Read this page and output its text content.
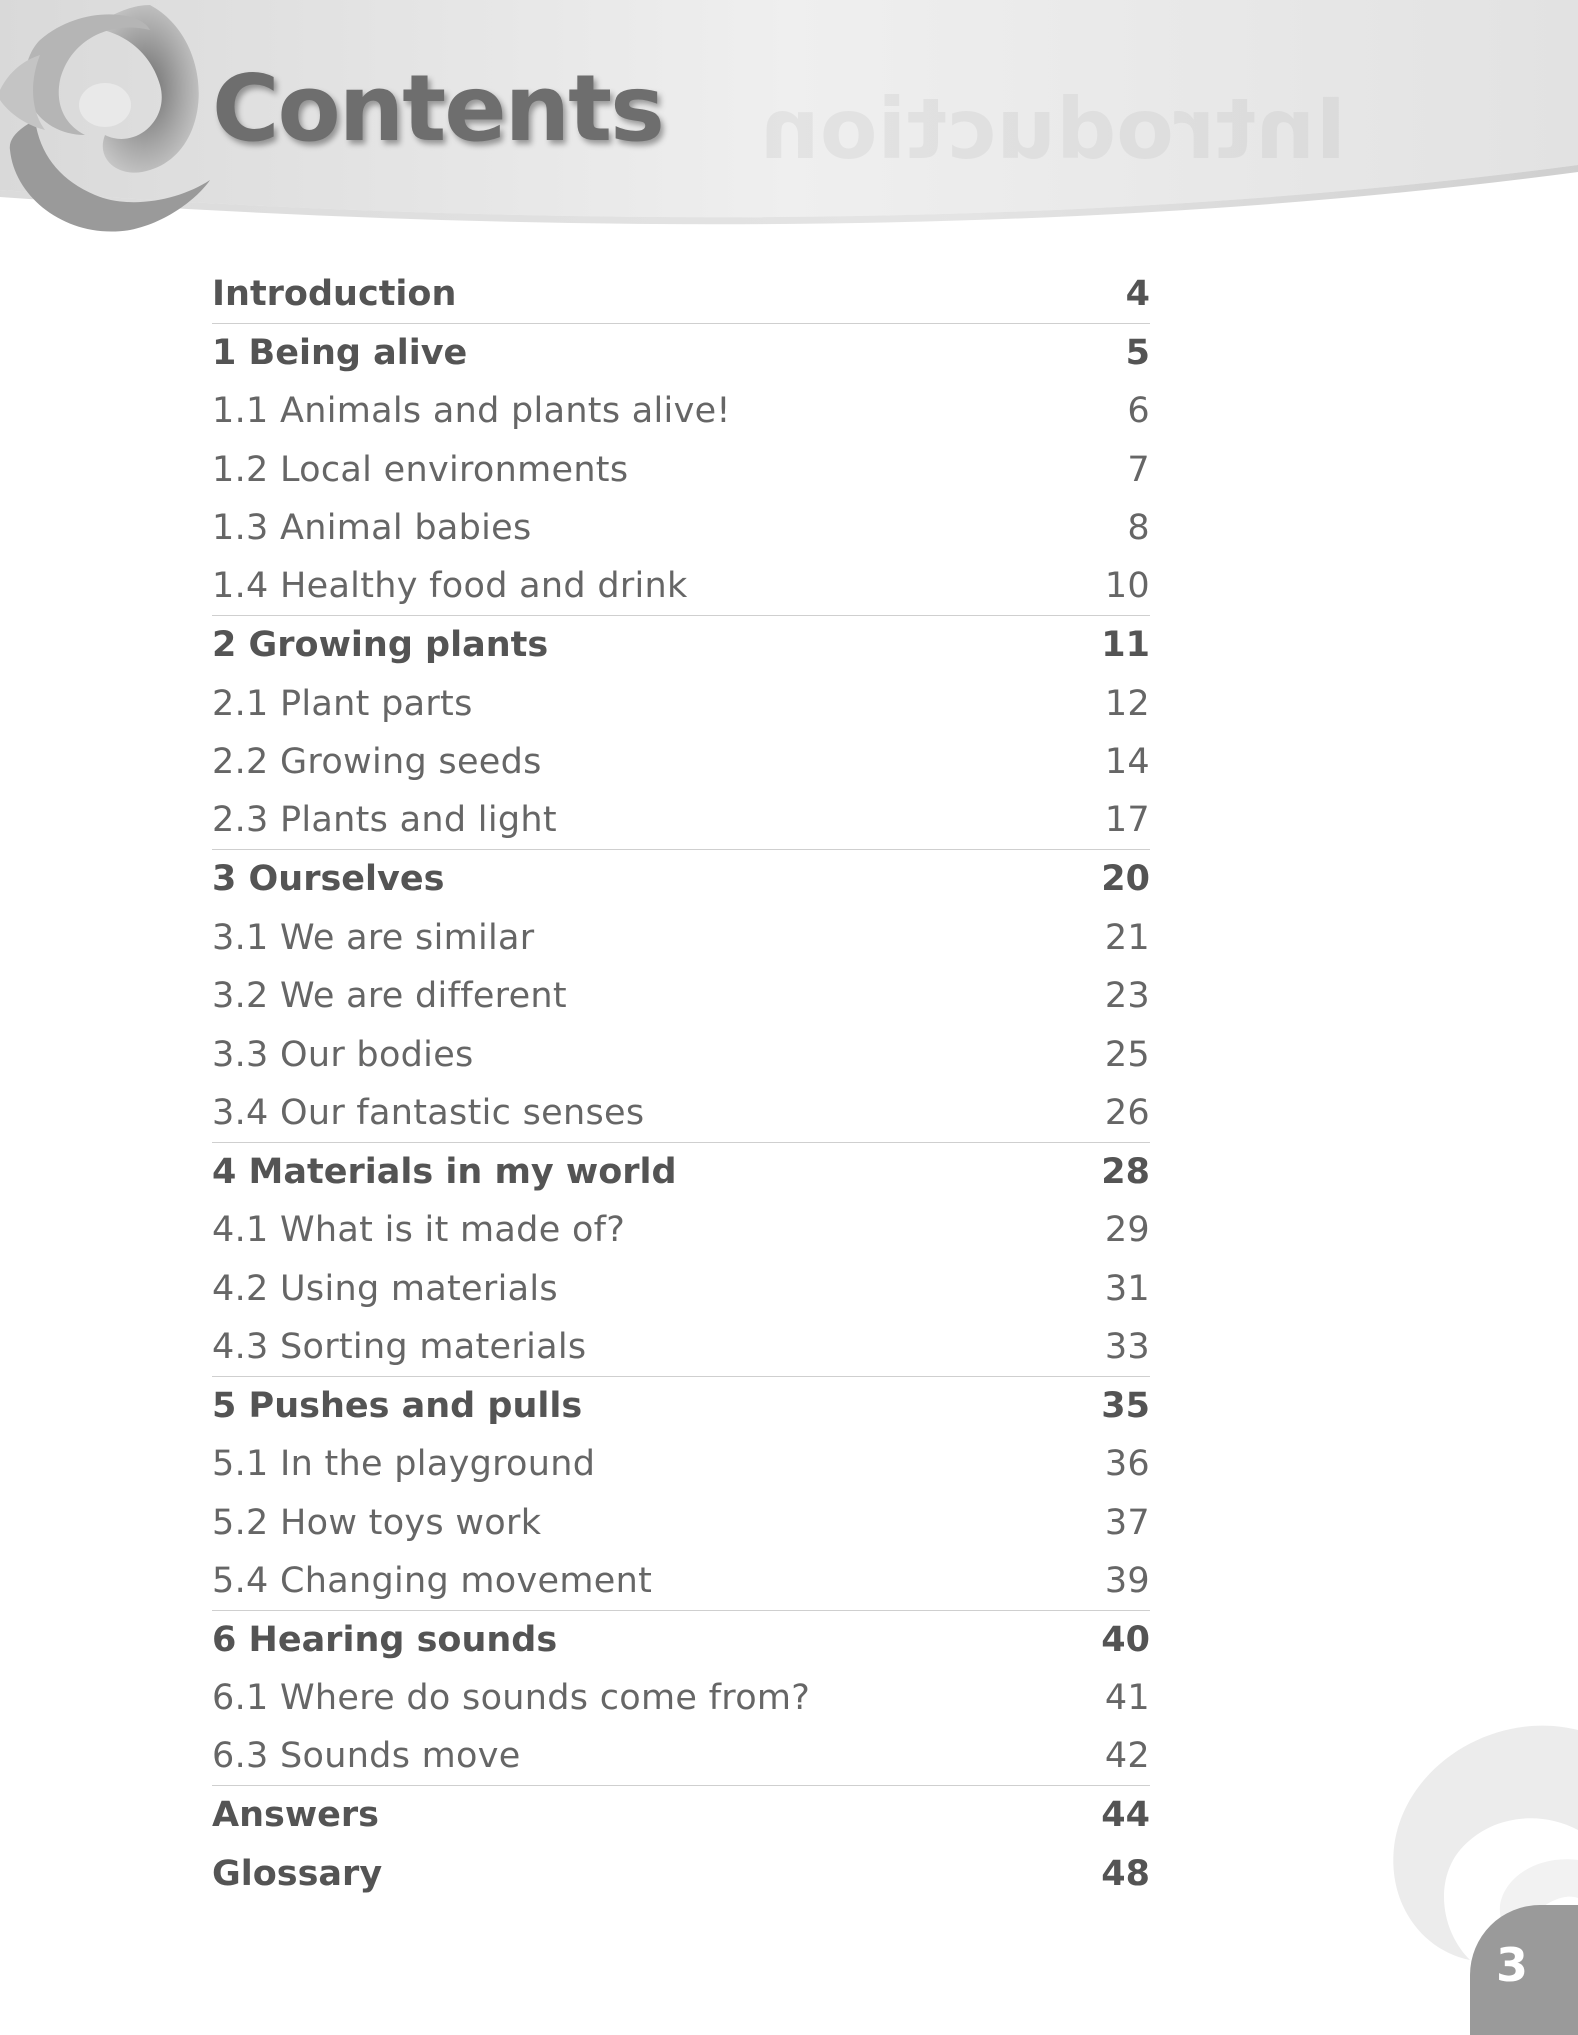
Contents
Introduction	4
1 Being alive	5
1.1 Animals and plants alive!	6
1.2 Local environments	7
1.3 Animal babies	8
1.4 Healthy food and drink	10
2 Growing plants	11
2.1 Plant parts	12
2.2 Growing seeds	14
2.3 Plants and light	17
3 Ourselves	20
3.1 We are similar	21
3.2 We are different	23
3.3 Our bodies	25
3.4 Our fantastic senses	26
4 Materials in my world	28
4.1 What is it made of?	29
4.2 Using materials	31
4.3 Sorting materials	33
5 Pushes and pulls	35
5.1 In the playground	36
5.2 How toys work	37
5.4 Changing movement	39
6 Hearing sounds	40
6.1 Where do sounds come from?	41
6.3 Sounds move	42
Answers	44
Glossary	48
3
